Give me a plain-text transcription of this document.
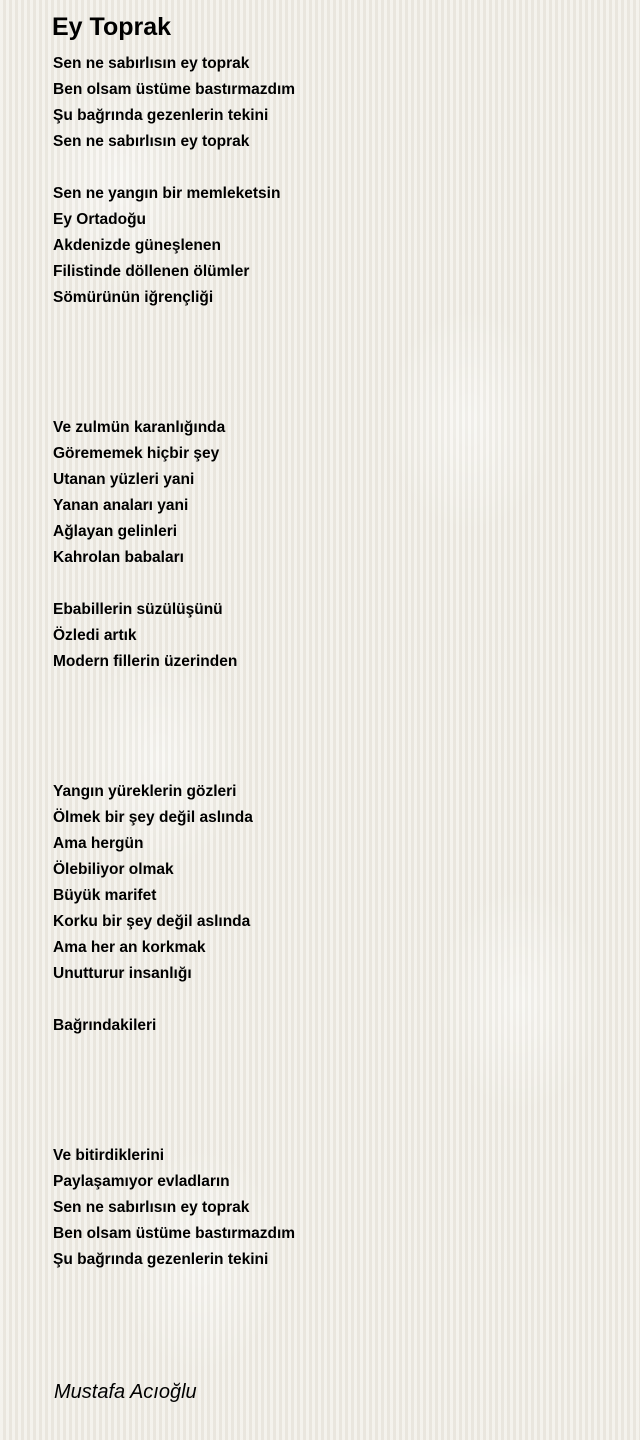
Ey Toprak
Sen ne sabırlısın ey toprak
Ben olsam üstüme bastırmazdım
Şu bağrında gezenlerin tekini
Sen ne sabırlısın ey toprak
Sen ne yangın bir memleketsin
Ey Ortadoğu
Akdenizde güneşlenen
Filistinde döllenen ölümler
Sömürünün iğrençliği
Ve zulmün karanlığında
Görememek hiçbir şey
Utanan yüzleri yani
Yanan anaları yani
Ağlayan gelinleri
Kahrolan babaları
Ebabillerin süzülüşünü
Özledi artık
Modern fillerin üzerinden
Yangın yüreklerin gözleri
Ölmek bir şey değil aslında
Ama hergün
Ölebiliyor olmak
Büyük marifet
Korku bir şey değil aslında
Ama her an korkmak
Unutturur insanlığı
Bağrındakileri
Ve bitirdiklerini
Paylaşamıyor evladların
Sen ne sabırlısın ey toprak
Ben olsam üstüme bastırmazdım
Şu bağrında gezenlerin tekini
Mustafa Acıoğlu
